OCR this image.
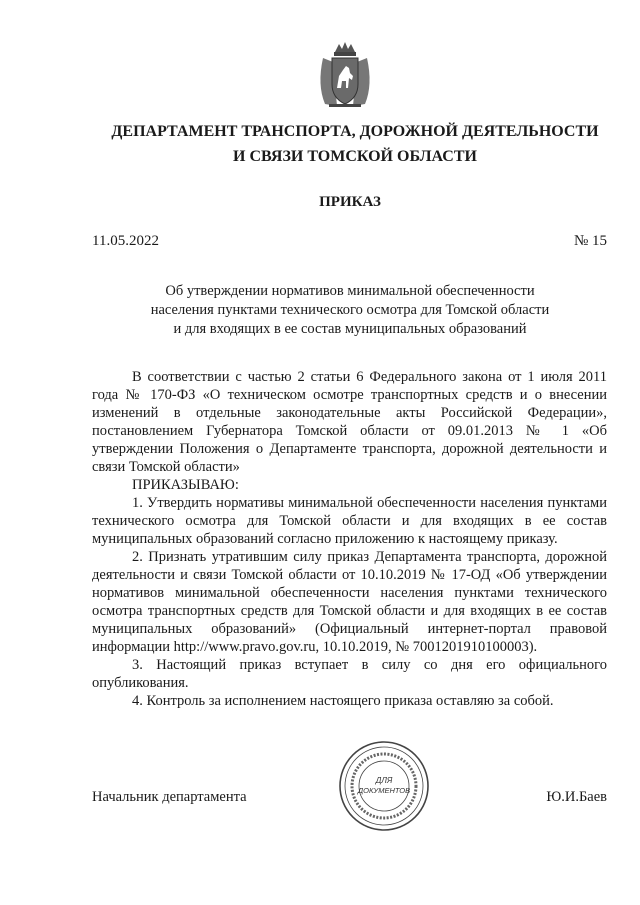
ДЕПАРТАМЕНТ ТРАНСПОРТА, ДОРОЖНОЙ ДЕЯТЕЛЬНОСТИ
И СВЯЗИ ТОМСКОЙ ОБЛАСТИ
ПРИКАЗ
11.05.2022	№ 15
Об утверждении нормативов минимальной обеспеченности
населения пунктами технического осмотра для Томской области
и для входящих в ее состав муниципальных образований

В соответствии с частью 2 статьи 6 Федерального закона от 1 июля 2011 года № 170-ФЗ «О техническом осмотре транспортных средств и о внесении изменений в отдельные законодательные акты Российской Федерации», постановлением Губернатора Томской области от 09.01.2013 № 1 «Об утверждении Положения о Департаменте транспорта, дорожной деятельности и связи Томской области»

ПРИКАЗЫВАЮ:

1. Утвердить нормативы минимальной обеспеченности населения пунктами технического осмотра для Томской области и для входящих в ее состав муниципальных образований согласно приложению к настоящему приказу.

2. Признать утратившим силу приказ Департамента транспорта, дорожной деятельности и связи Томской области от 10.10.2019 № 17-ОД «Об утверждении нормативов минимальной обеспеченности населения пунктами технического осмотра транспортных средств для Томской области и для входящих в ее состав муниципальных образований» (Официальный интернет-портал правовой информации http://www.pravo.gov.ru, 10.10.2019, № 7001201910100003).

3. Настоящий приказ вступает в силу со дня его официального опубликования.

4. Контроль за исполнением настоящего приказа оставляю за собой.

Начальник департамента	Ю.И.Баев
ДЛЯ
ДОКУМЕНТОВ
